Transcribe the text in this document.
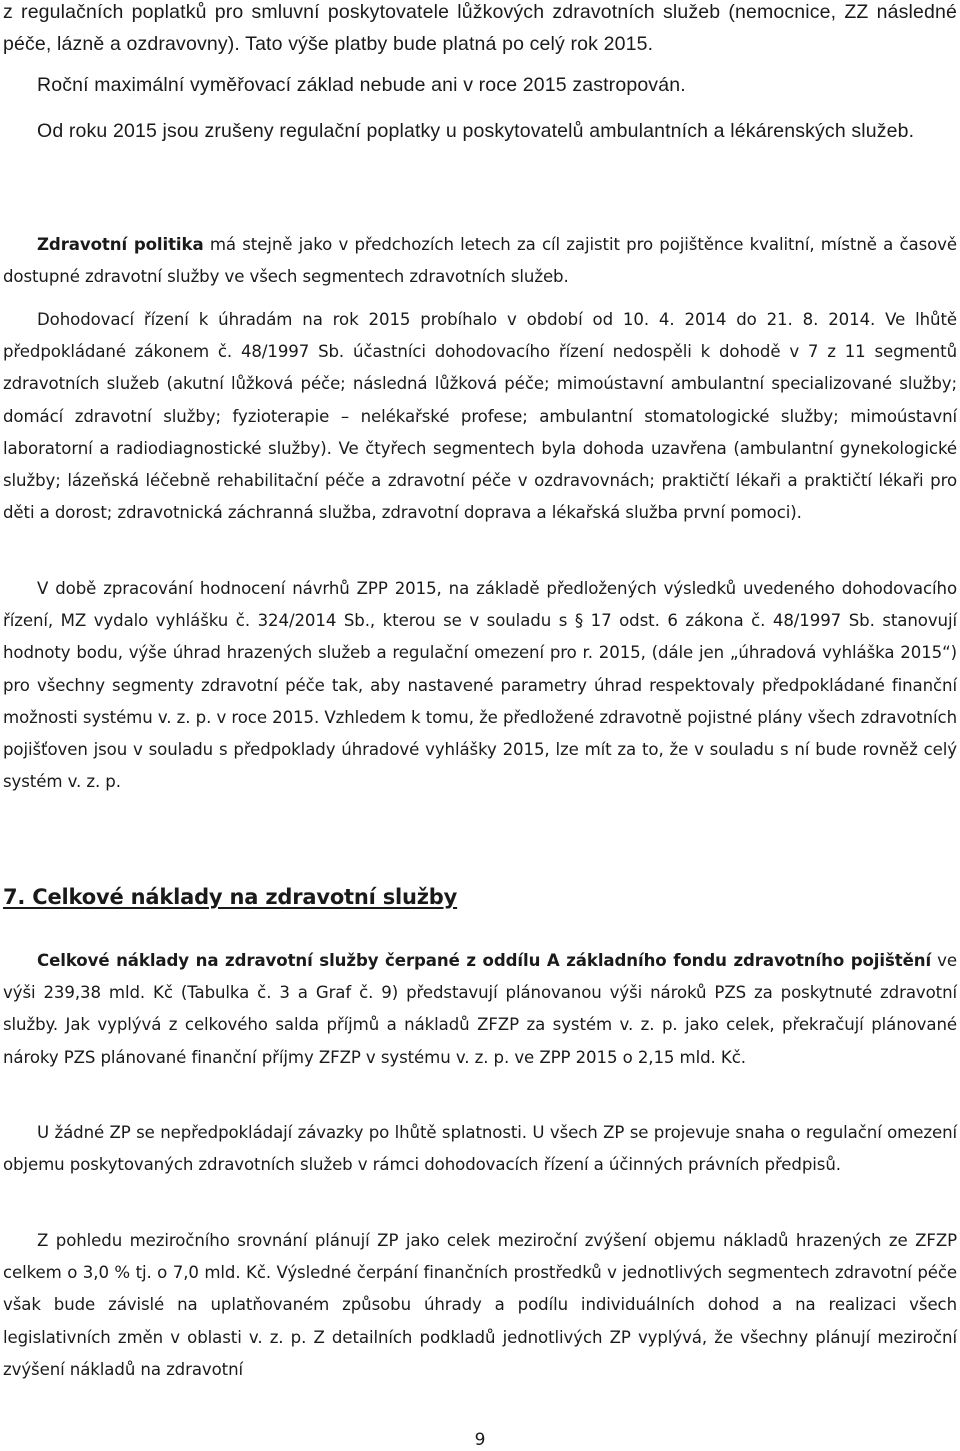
z regulačních poplatků pro smluvní poskytovatele lůžkových zdravotních služeb (nemocnice, ZZ následné péče, lázně a ozdravovny). Tato výše platby bude platná po celý rok 2015.

Roční maximální vyměřovací základ nebude ani v roce 2015 zastropován.

Od roku 2015 jsou zrušeny regulační poplatky u poskytovatelů ambulantních a lékárenských služeb.

Zdravotní politika má stejně jako v předchozích letech za cíl zajistit pro pojištěnce kvalitní, místně a časově dostupné zdravotní služby ve všech segmentech zdravotních služeb.

Dohodovací řízení k úhradám na rok 2015 probíhalo v období od 10. 4. 2014 do 21. 8. 2014. Ve lhůtě předpokládané zákonem č. 48/1997 Sb. účastníci dohodovacího řízení nedospěli k dohodě v 7 z 11 segmentů zdravotních služeb (akutní lůžková péče; následná lůžková péče; mimoústavní ambulantní specializované služby; domácí zdravotní služby; fyzioterapie – nelékařské profese; ambulantní stomatologické služby; mimoústavní laboratorní a radiodiagnostické služby). Ve čtyřech segmentech byla dohoda uzavřena (ambulantní gynekologické služby; lázeňská léčebně rehabilitační péče a zdravotní péče v ozdravovnách; praktičtí lékaři a praktičtí lékaři pro děti a dorost; zdravotnická záchranná služba, zdravotní doprava a lékařská služba první pomoci).

V době zpracování hodnocení návrhů ZPP 2015, na základě předložených výsledků uvedeného dohodovacího řízení, MZ vydalo vyhlášku č. 324/2014 Sb., kterou se v souladu s § 17 odst. 6 zákona č. 48/1997 Sb. stanovují hodnoty bodu, výše úhrad hrazených služeb a regulační omezení pro r. 2015, (dále jen „úhradová vyhláška 2015“) pro všechny segmenty zdravotní péče tak, aby nastavené parametry úhrad respektovaly předpokládané finanční možnosti systému v. z. p. v roce 2015. Vzhledem k tomu, že předložené zdravotně pojistné plány všech zdravotních pojišťoven jsou v souladu s předpoklady úhradové vyhlášky 2015, lze mít za to, že v souladu s ní bude rovněž celý systém v. z. p.

7. Celkové náklady na zdravotní služby

Celkové náklady na zdravotní služby čerpané z oddílu A základního fondu zdravotního pojištění ve výši 239,38 mld. Kč (Tabulka č. 3 a Graf č. 9) představují plánovanou výši nároků PZS za poskytnuté zdravotní služby. Jak vyplývá z celkového salda příjmů a nákladů ZFZP za systém v. z. p. jako celek, překračují plánované nároky PZS plánované finanční příjmy ZFZP v systému v. z. p. ve ZPP 2015 o 2,15 mld. Kč.

U žádné ZP se nepředpokládají závazky po lhůtě splatnosti. U všech ZP se projevuje snaha o regulační omezení objemu poskytovaných zdravotních služeb v rámci dohodovacích řízení a účinných právních předpisů.

Z pohledu meziročního srovnání plánují ZP jako celek meziroční zvýšení objemu nákladů hrazených ze ZFZP celkem o 3,0 % tj. o 7,0 mld. Kč. Výsledné čerpání finančních prostředků v jednotlivých segmentech zdravotní péče však bude závislé na uplatňovaném způsobu úhrady a podílu individuálních dohod a na realizaci všech legislativních změn v oblasti v. z. p. Z detailních podkladů jednotlivých ZP vyplývá, že všechny plánují meziroční zvýšení nákladů na zdravotní

9
